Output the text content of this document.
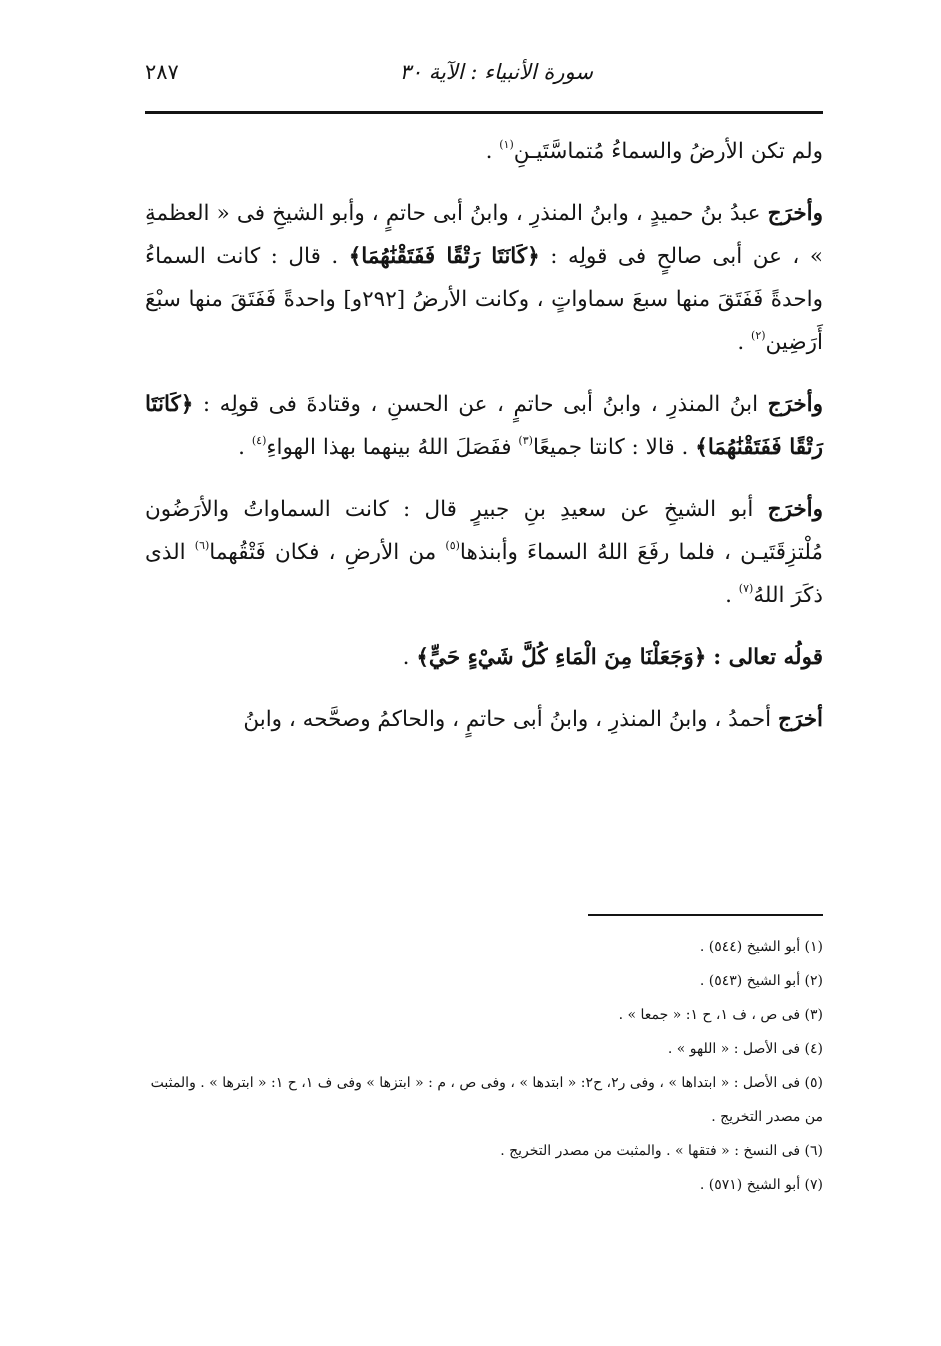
سورة الأنبياء : الآية ٣٠
٢٨٧

ولم تكن الأرضُ والسماءُ مُتماسَّتَيـنِ$^{(١)}$ .

وأخرَج عبدُ بنُ حميدٍ ، وابنُ المنذرِ ، وابنُ أبى حاتمٍ ، وأبو الشيخِ فى « العظمةِ » ، عن أبى صالحٍ فى قولِه : ﴿كَانَتَا رَتْقًا فَفَتَقْنَٰهُمَا﴾ . قال : كانت السماءُ واحدةً فَفَتَقَ منها سبعَ سماواتٍ ، وكانت الأرضُ [٢٩٢و] واحدةً فَفَتَقَ منها سبْعَ أَرَضِين$^{(٢)}$ .

وأخرَج ابنُ المنذرِ ، وابنُ أبى حاتمٍ ، عن الحسنِ ، وقتادةَ فى قولِه : ﴿كَانَتَا رَتْقًا فَفَتَقْنَٰهُمَا﴾ . قالا : كانتا جميعًا$^{(٣)}$ ففَصَلَ اللهُ بينهما بهذا الهواءِ$^{(٤)}$ .

وأخرَج أبو الشيخِ عن سعيدِ بنِ جبيرٍ قال : كانت السماواتُ والأرَضُون مُلْتزِقَتَيـن ، فلما رفَعَ اللهُ السماءَ وأبنذها$^{(٥)}$ من الأرضِ ، فكان فَتْقُهما$^{(٦)}$ الذى ذكَرَ اللهُ$^{(٧)}$ .

قولُه تعالى : ﴿وَجَعَلْنَا مِنَ الْمَاءِ كُلَّ شَيْءٍ حَيٍّ﴾ .

أخرَج أحمدُ ، وابنُ المنذرِ ، وابنُ أبى حاتمٍ ، والحاكمُ وصحَّحه ، وابنُ

(١) أبو الشيخ (٥٤٤) .
(٢) أبو الشيخ (٥٤٣) .
(٣) فى ص ، ف ١، ح ١: « جمعا » .
(٤) فى الأصل : « اللهو » .
(٥) فى الأصل : « ابتداها » ، وفى ر٢، ح٢: « ابتدها » ، وفى ص ، م : « ابتزها » وفى ف ١، ح ١: « ابترها » . والمثبت من مصدر التخريج .
(٦) فى النسخ : « فتقها » . والمثبت من مصدر التخريج .
(٧) أبو الشيخ (٥٧١) .
